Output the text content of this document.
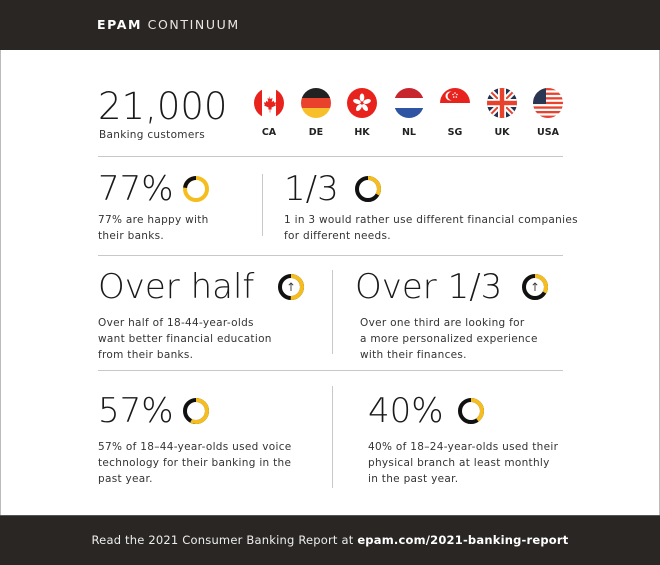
EPAM CONTINUUM
21,000
Banking customers	CA	DE	HK	NL	SG	UK	USA
77%
77% are happy with
their banks.
1/3
1 in 3 would rather use different financial companies
for different needs.
Over half
Over half of 18-44-year-olds
want better financial education
from their banks.
Over 1/3
Over one third are looking for
a more personalized experience
with their finances.
57%
57% of 18–44-year-olds used voice
technology for their banking in the
past year.
40%
40% of 18–24-year-olds used their
physical branch at least monthly
in the past year.
Read the 2021 Consumer Banking Report at epam.com/2021-banking-report
